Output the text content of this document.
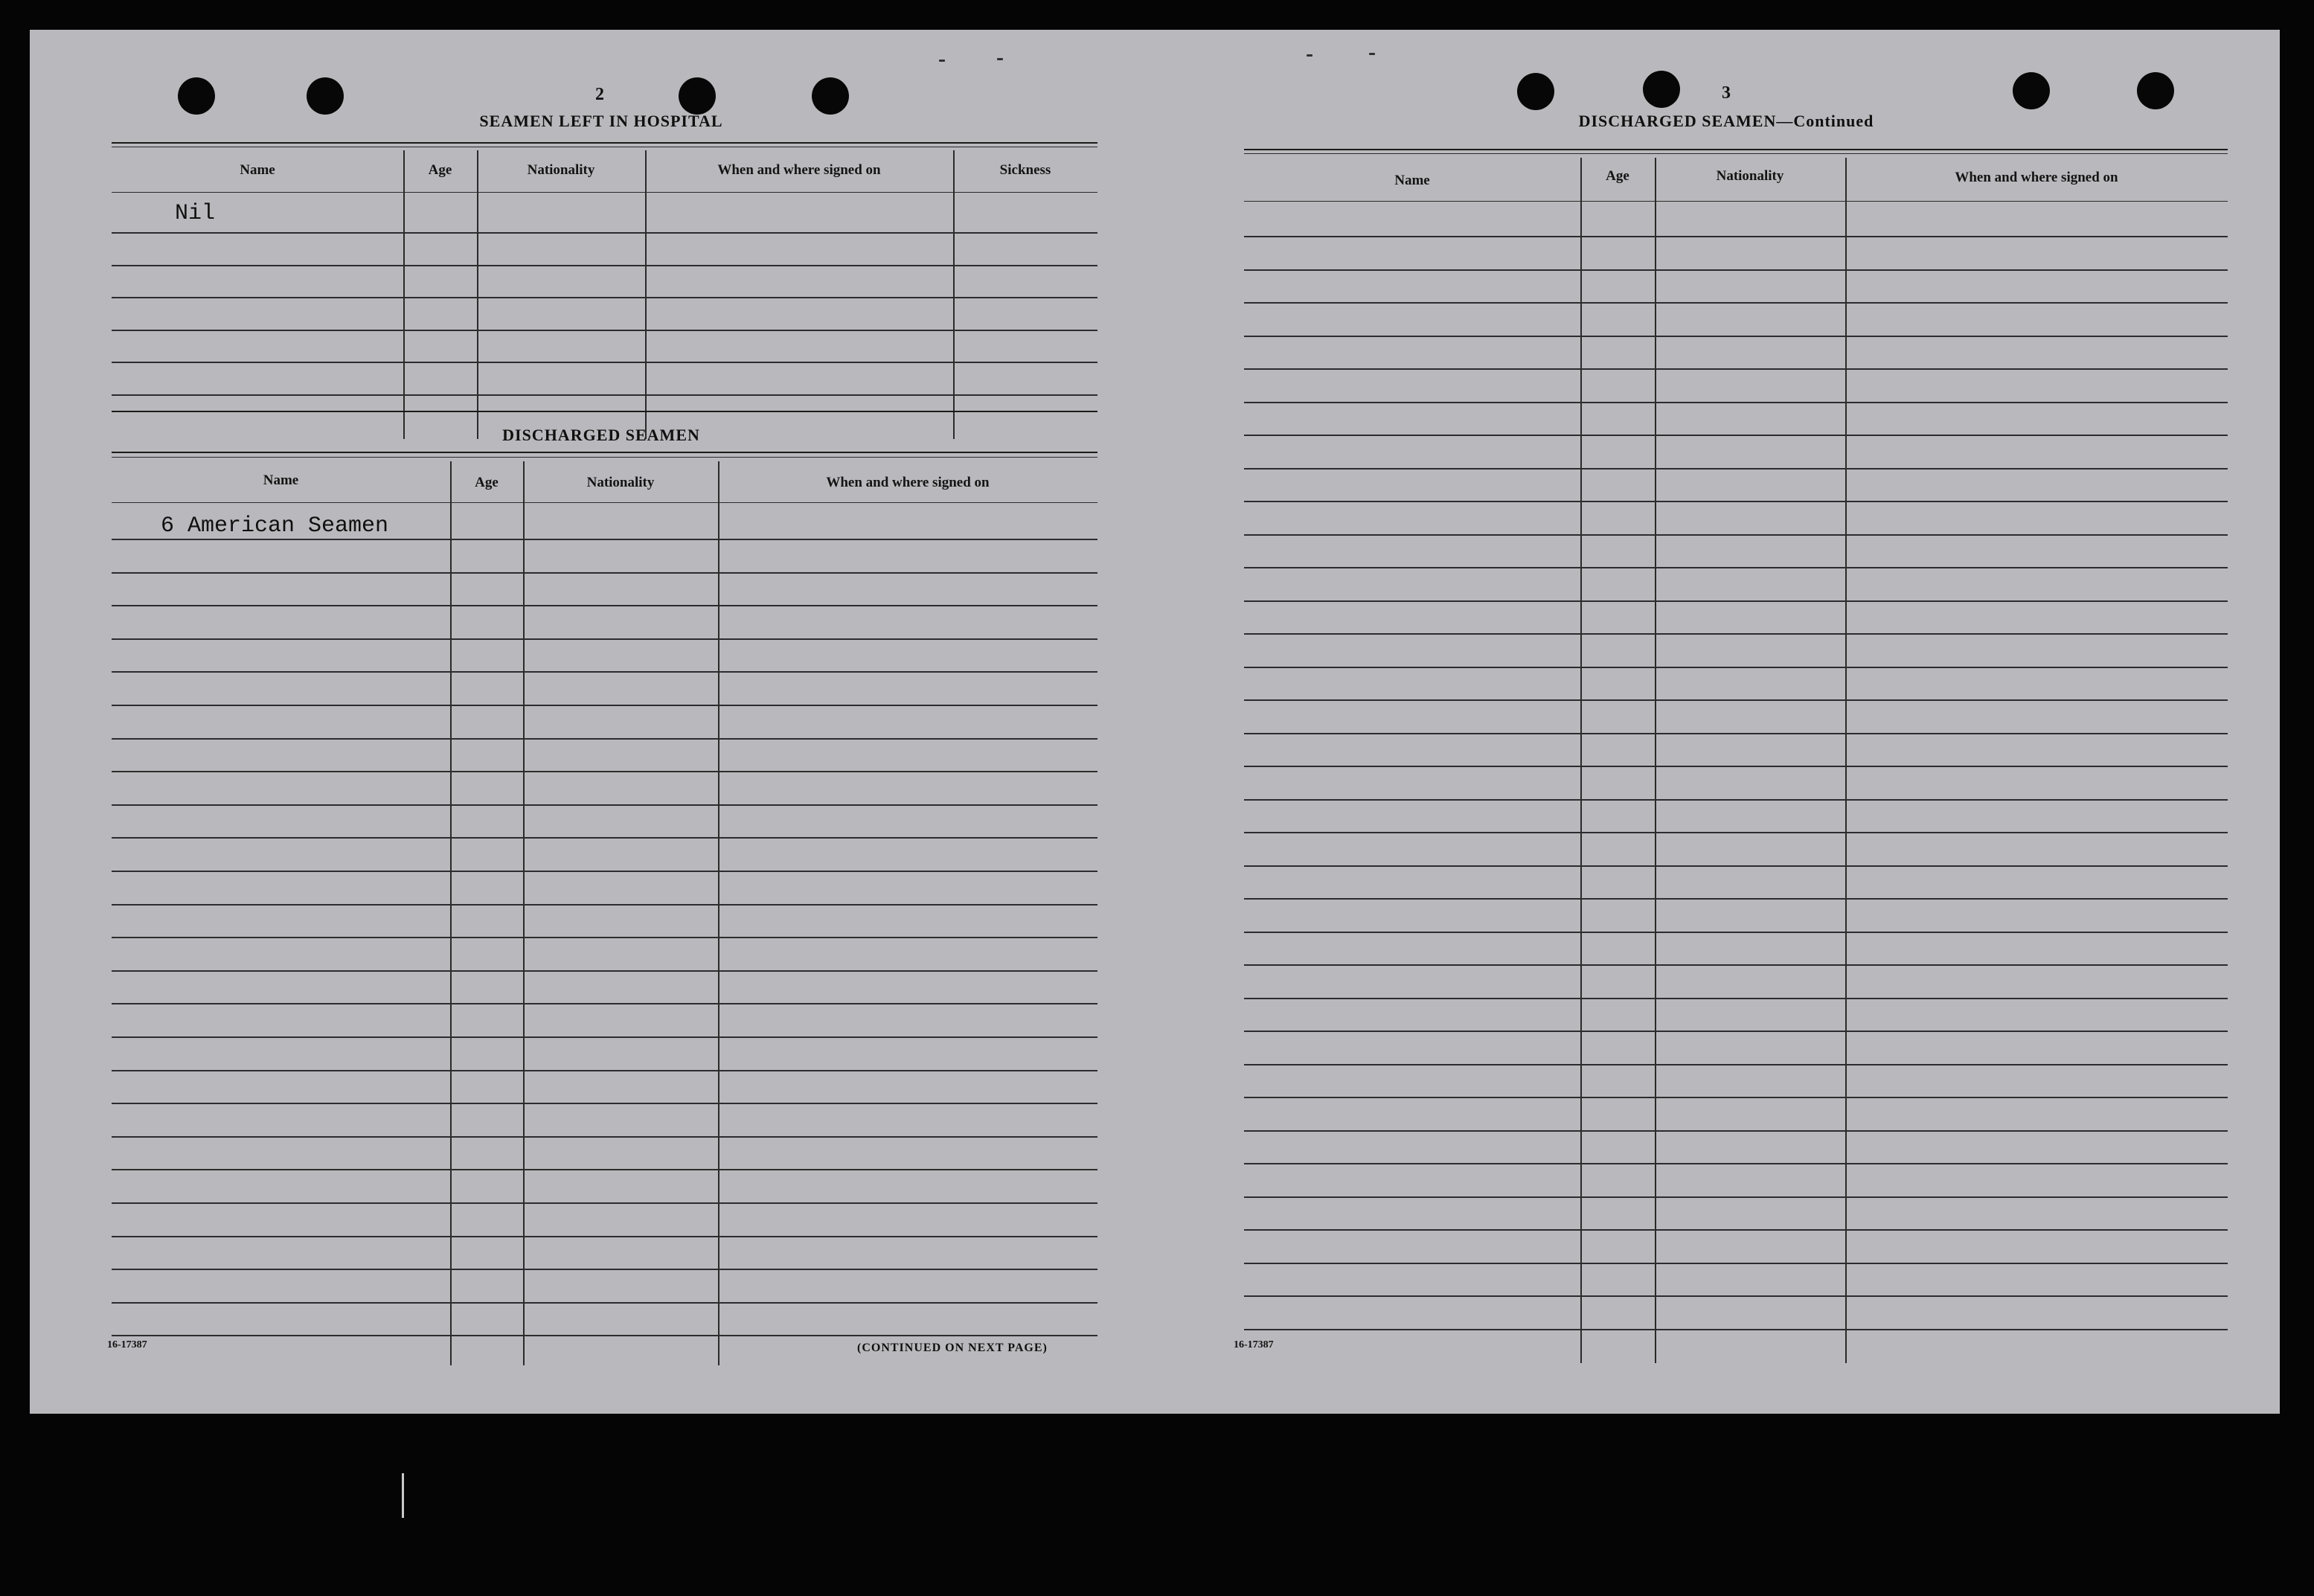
2
SEAMEN LEFT IN HOSPITAL
Name	Age	Nationality	When and where signed on	Sickness
Nil
DISCHARGED SEAMEN
Name	Age	Nationality	When and where signed on
6 American Seamen
16-17387	(CONTINUED ON NEXT PAGE)
3
DISCHARGED SEAMEN—Continued
Name	Age	Nationality	When and where signed on
16-17387
